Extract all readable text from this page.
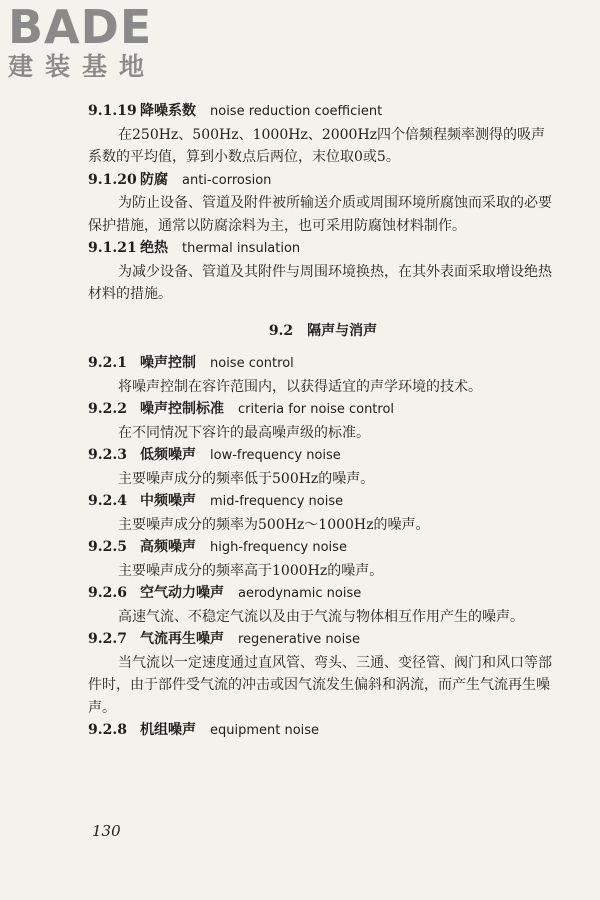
BADE
建装基地

9.1.19 降噪系数 noise reduction coefficient

在250Hz、500Hz、1000Hz、2000Hz四个倍频程频率测得的吸声系数的平均值，算到小数点后两位，末位取0或5。

9.1.20 防腐 anti-corrosion

为防止设备、管道及附件被所输送介质或周围环境所腐蚀而采取的必要保护措施，通常以防腐涂料为主，也可采用防腐蚀材料制作。

9.1.21 绝热 thermal insulation

为减少设备、管道及其附件与周围环境换热，在其外表面采取增设绝热材料的措施。

9.2 隔声与消声

9.2.1 噪声控制 noise control

将噪声控制在容许范围内，以获得适宜的声学环境的技术。

9.2.2 噪声控制标准 criteria for noise control

在不同情况下容许的最高噪声级的标准。

9.2.3 低频噪声 low-frequency noise

主要噪声成分的频率低于500Hz的噪声。

9.2.4 中频噪声 mid-frequency noise

主要噪声成分的频率为500Hz～1000Hz的噪声。

9.2.5 高频噪声 high-frequency noise

主要噪声成分的频率高于1000Hz的噪声。

9.2.6 空气动力噪声 aerodynamic noise

高速气流、不稳定气流以及由于气流与物体相互作用产生的噪声。

9.2.7 气流再生噪声 regenerative noise

当气流以一定速度通过直风管、弯头、三通、变径管、阀门和风口等部件时，由于部件受气流的冲击或因气流发生偏斜和涡流，而产生气流再生噪声。

9.2.8 机组噪声 equipment noise

130
